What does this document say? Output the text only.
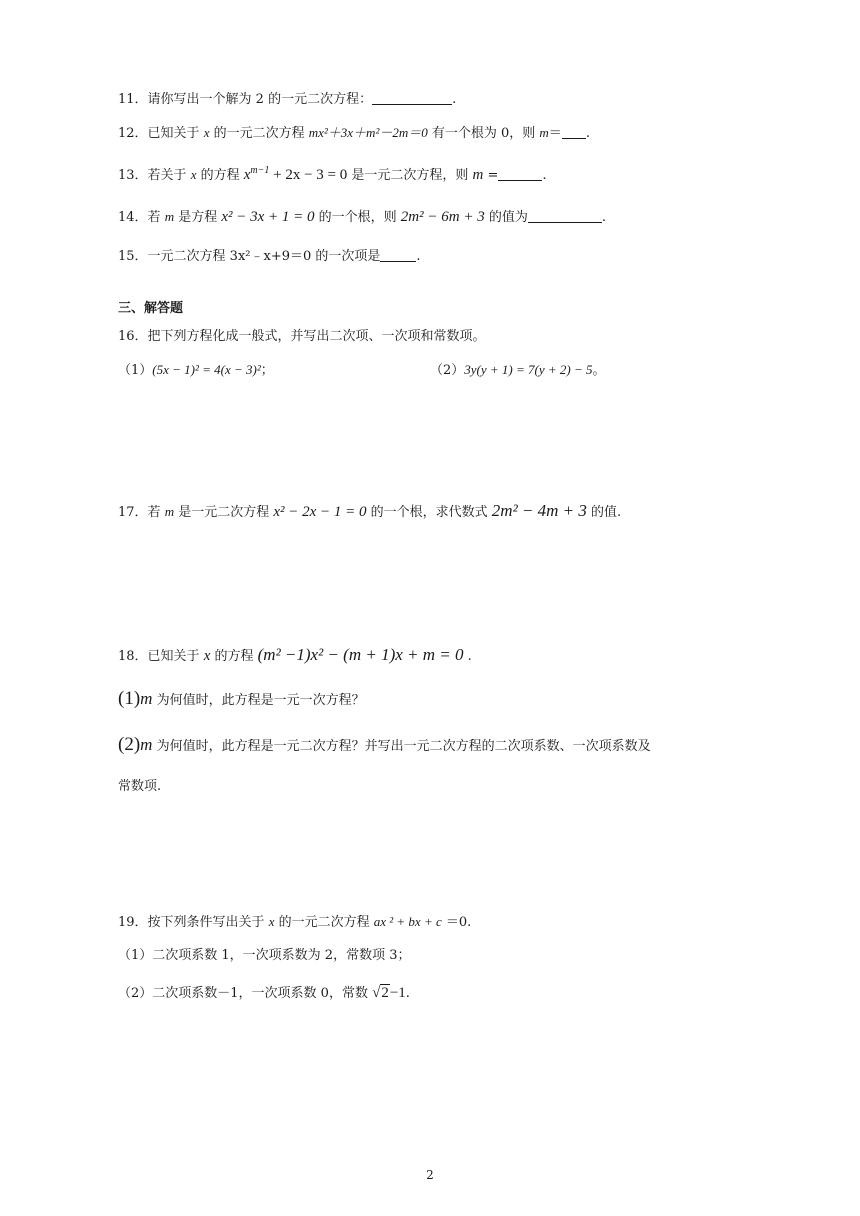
11．请你写出一个解为 2 的一元二次方程：	.
12．已知关于 x 的一元二次方程 mx²＋3x＋m²－2m＝0 有一个根为 0，则 m＝ .
13．若关于 x 的方程 $x^{m-1} + 2x - 3 = 0$ 是一元二次方程，则 m =	.
14．若 m 是方程 x² − 3x + 1 = 0 的一个根，则 2m² − 6m + 3 的值为	.
15．一元二次方程 3x²﹣x+9＝0 的一次项是	.
三、解答题
16．把下列方程化成一般式，并写出二次项、一次项和常数项。
（1）(5x − 1)² = 4(x − 3)²；	（2）3y(y + 1) = 7(y + 2) − 5。
17．若 m 是一元二次方程 x² − 2x − 1 = 0 的一个根，求代数式 2m² − 4m + 3 的值.
18．已知关于 x 的方程 (m² −1)x² − (m + 1)x + m = 0 .
(1)m 为何值时，此方程是一元一次方程？
(2)m 为何值时，此方程是一元二次方程？并写出一元二次方程的二次项系数、一次项系数及
常数项.
19．按下列条件写出关于 x 的一元二次方程 ax ² + bx + c ＝0.
（1）二次项系数 1，一次项系数为 2，常数项 3；
（2）二次项系数－1，一次项系数 0，常数 √2−1.
2
